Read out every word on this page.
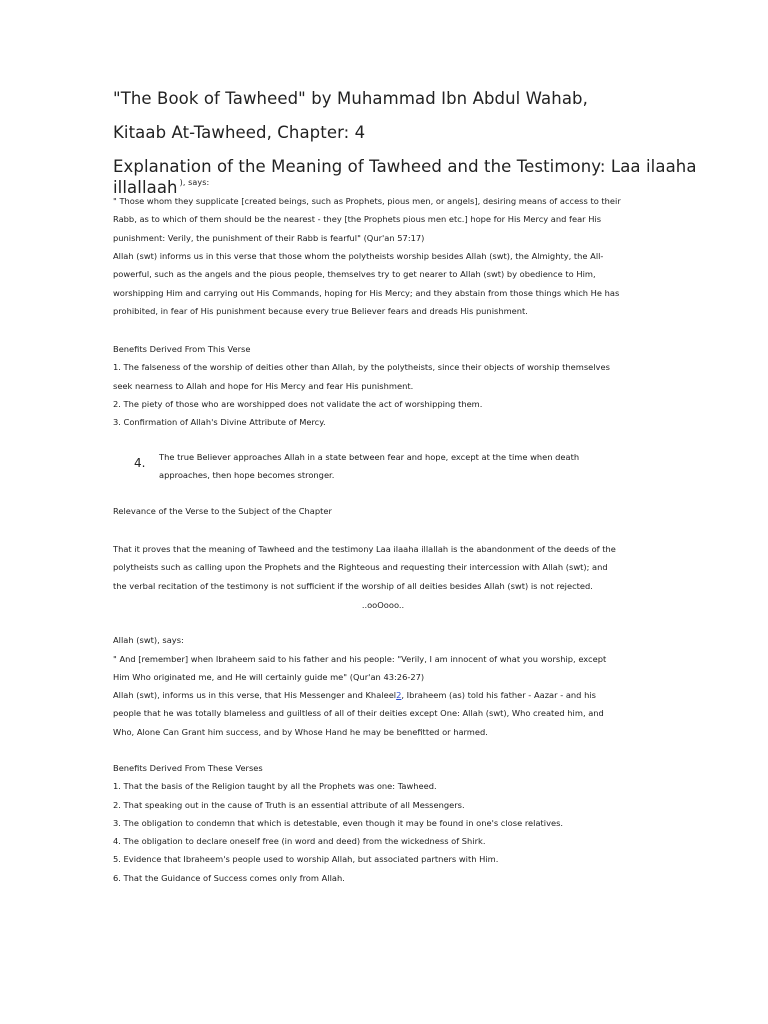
"The Book of Tawheed" by Muhammad Ibn Abdul Wahab,
Kitaab At-Tawheed, Chapter: 4
Explanation of the Meaning of Tawheed and the Testimony: Laa ilaaha
illallaah $^{), says:}$
" Those whom they supplicate [created beings, such as Prophets, pious men, or angels], desiring means of access to their
Rabb, as to which of them should be the nearest - they [the Prophets pious men etc.] hope for His Mercy and fear His
punishment: Verily, the punishment of their Rabb is fearful" (Qur'an 57:17)
Allah (swt) informs us in this verse that those whom the polytheists worship besides Allah (swt), the Almighty, the All-
powerful, such as the angels and the pious people, themselves try to get nearer to Allah (swt) by obedience to Him,
worshipping Him and carrying out His Commands, hoping for His Mercy; and they abstain from those things which He has
prohibited, in fear of His punishment because every true Believer fears and dreads His punishment.
Benefits Derived From This Verse
1. The falseness of the worship of deities other than Allah, by the polytheists, since their objects of worship themselves
seek nearness to Allah and hope for His Mercy and fear His punishment.
2. The piety of those who are worshipped does not validate the act of worshipping them.
3. Confirmation of Allah's Divine Attribute of Mercy.
4. The true Believer approaches Allah in a state between fear and hope, except at the time when death
approaches, then hope becomes stronger.
Relevance of the Verse to the Subject of the Chapter
That it proves that the meaning of Tawheed and the testimony Laa ilaaha illallah is the abandonment of the deeds of the
polytheists such as calling upon the Prophets and the Righteous and requesting their intercession with Allah (swt); and
the verbal recitation of the testimony is not sufficient if the worship of all deities besides Allah (swt) is not rejected.
..ooOooo..
Allah (swt), says:
" And [remember] when Ibraheem said to his father and his people: "Verily, I am innocent of what you worship, except
Him Who originated me, and He will certainly guide me" (Qur'an 43:26-27)
Allah (swt), informs us in this verse, that His Messenger and Khaleel2, Ibraheem (as) told his father - Aazar - and his
people that he was totally blameless and guiltless of all of their deities except One: Allah (swt), Who created him, and
Who, Alone Can Grant him success, and by Whose Hand he may be benefitted or harmed.
Benefits Derived From These Verses
1. That the basis of the Religion taught by all the Prophets was one: Tawheed.
2. That speaking out in the cause of Truth is an essential attribute of all Messengers.
3. The obligation to condemn that which is detestable, even though it may be found in one's close relatives.
4. The obligation to declare oneself free (in word and deed) from the wickedness of Shirk.
5. Evidence that Ibraheem's people used to worship Allah, but associated partners with Him.
6. That the Guidance of Success comes only from Allah.
